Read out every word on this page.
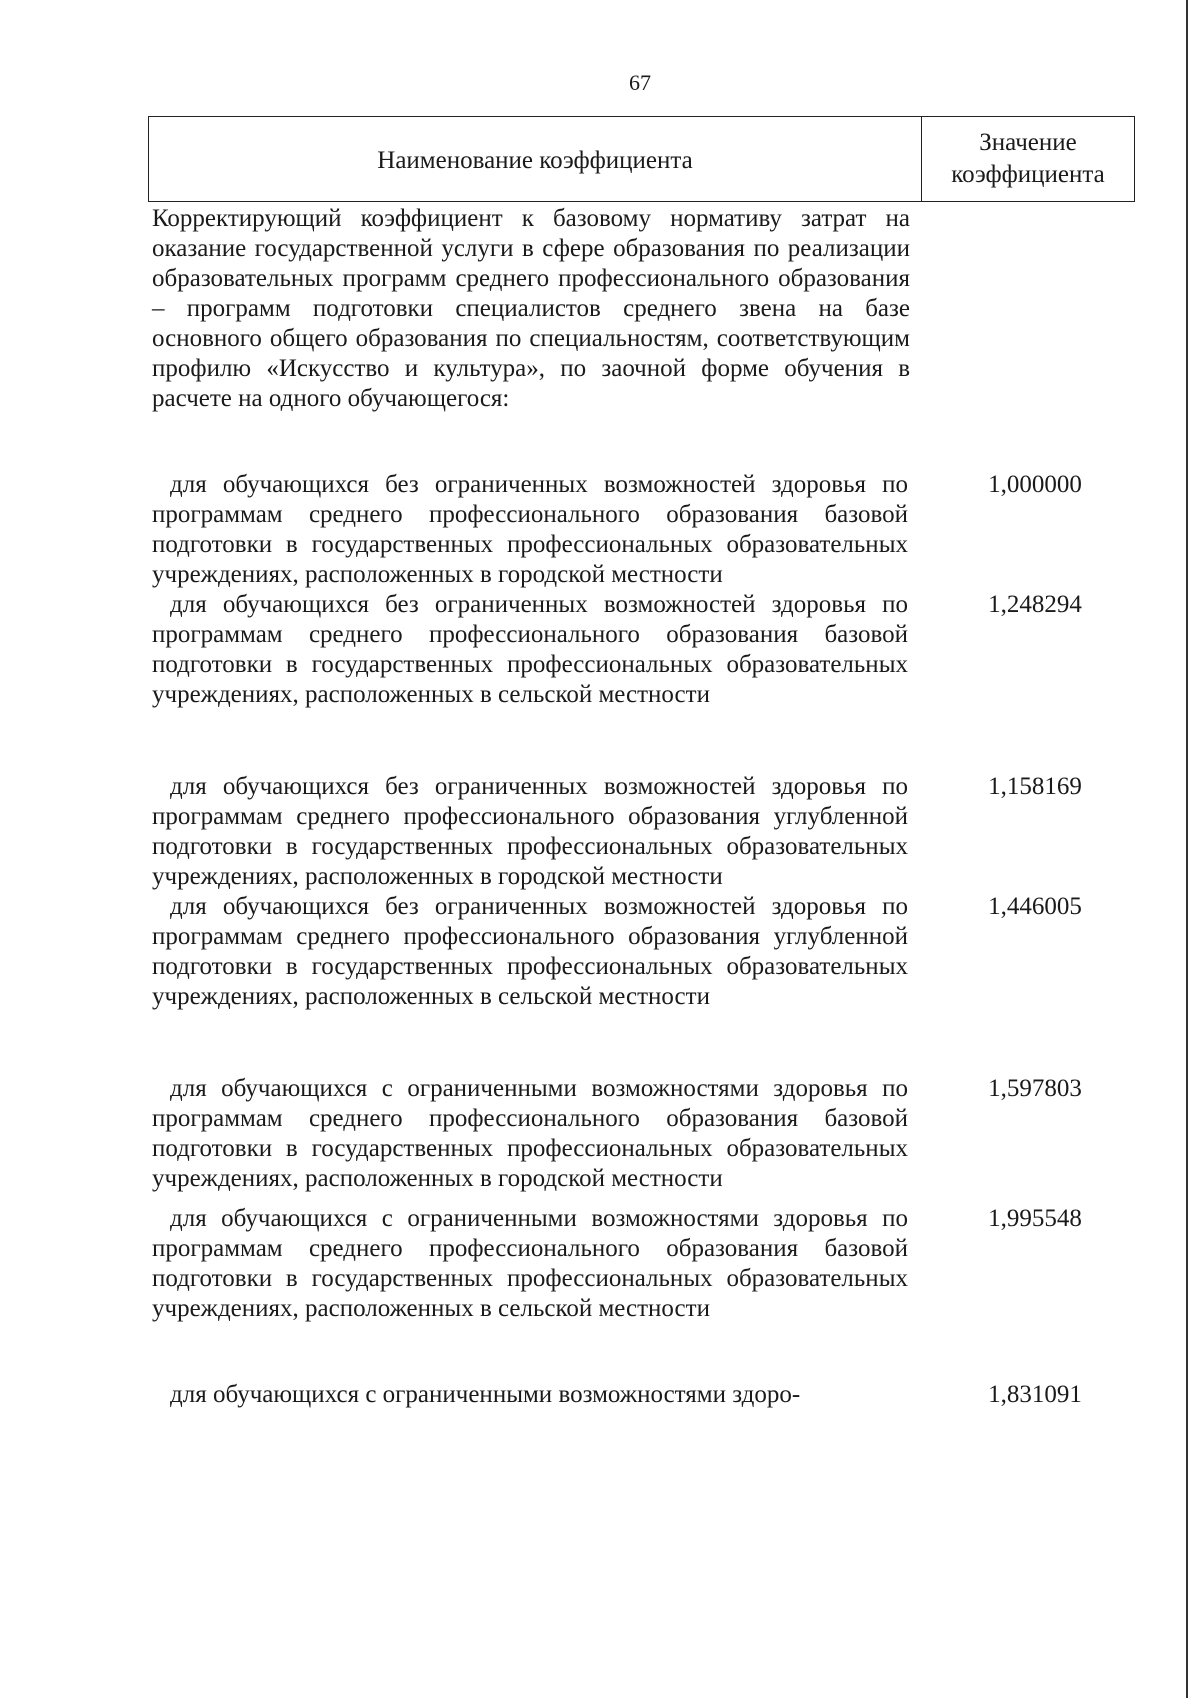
67
Наименование коэффициента
Значение
коэффициента
Корректирующий коэффициент к базовому нормативу затрат на оказание государственной услуги в сфере образования по реализации образовательных программ среднего профессионального образования – программ подготовки специалистов среднего звена на базе основного общего образования по специальностям, соответствующим профилю «Искусство и культура», по заочной форме обучения в расчете на одного обучающегося:
для обучающихся без ограниченных возможностей здоровья по программам среднего профессионального образования базовой подготовки в государственных профессиональных образовательных учреждениях, расположенных в городской местности
1,000000
для обучающихся без ограниченных возможностей здоровья по программам среднего профессионального образования базовой подготовки в государственных профессиональных образовательных учреждениях, расположенных в сельской местности
1,248294
для обучающихся без ограниченных возможностей здоровья по программам среднего профессионального образования углубленной подготовки в государственных профессиональных образовательных учреждениях, расположенных в городской местности
1,158169
для обучающихся без ограниченных возможностей здоровья по программам среднего профессионального образования углубленной подготовки в государственных профессиональных образовательных учреждениях, расположенных в сельской местности
1,446005
для обучающихся с ограниченными возможностями здоровья по программам среднего профессионального образования базовой подготовки в государственных профессиональных образовательных учреждениях, расположенных в городской местности
1,597803
для обучающихся с ограниченными возможностями здоровья по программам среднего профессионального образования базовой подготовки в государственных профессиональных образовательных учреждениях, расположенных в сельской местности
1,995548
для обучающихся с ограниченными возможностями здоро-	1,831091
